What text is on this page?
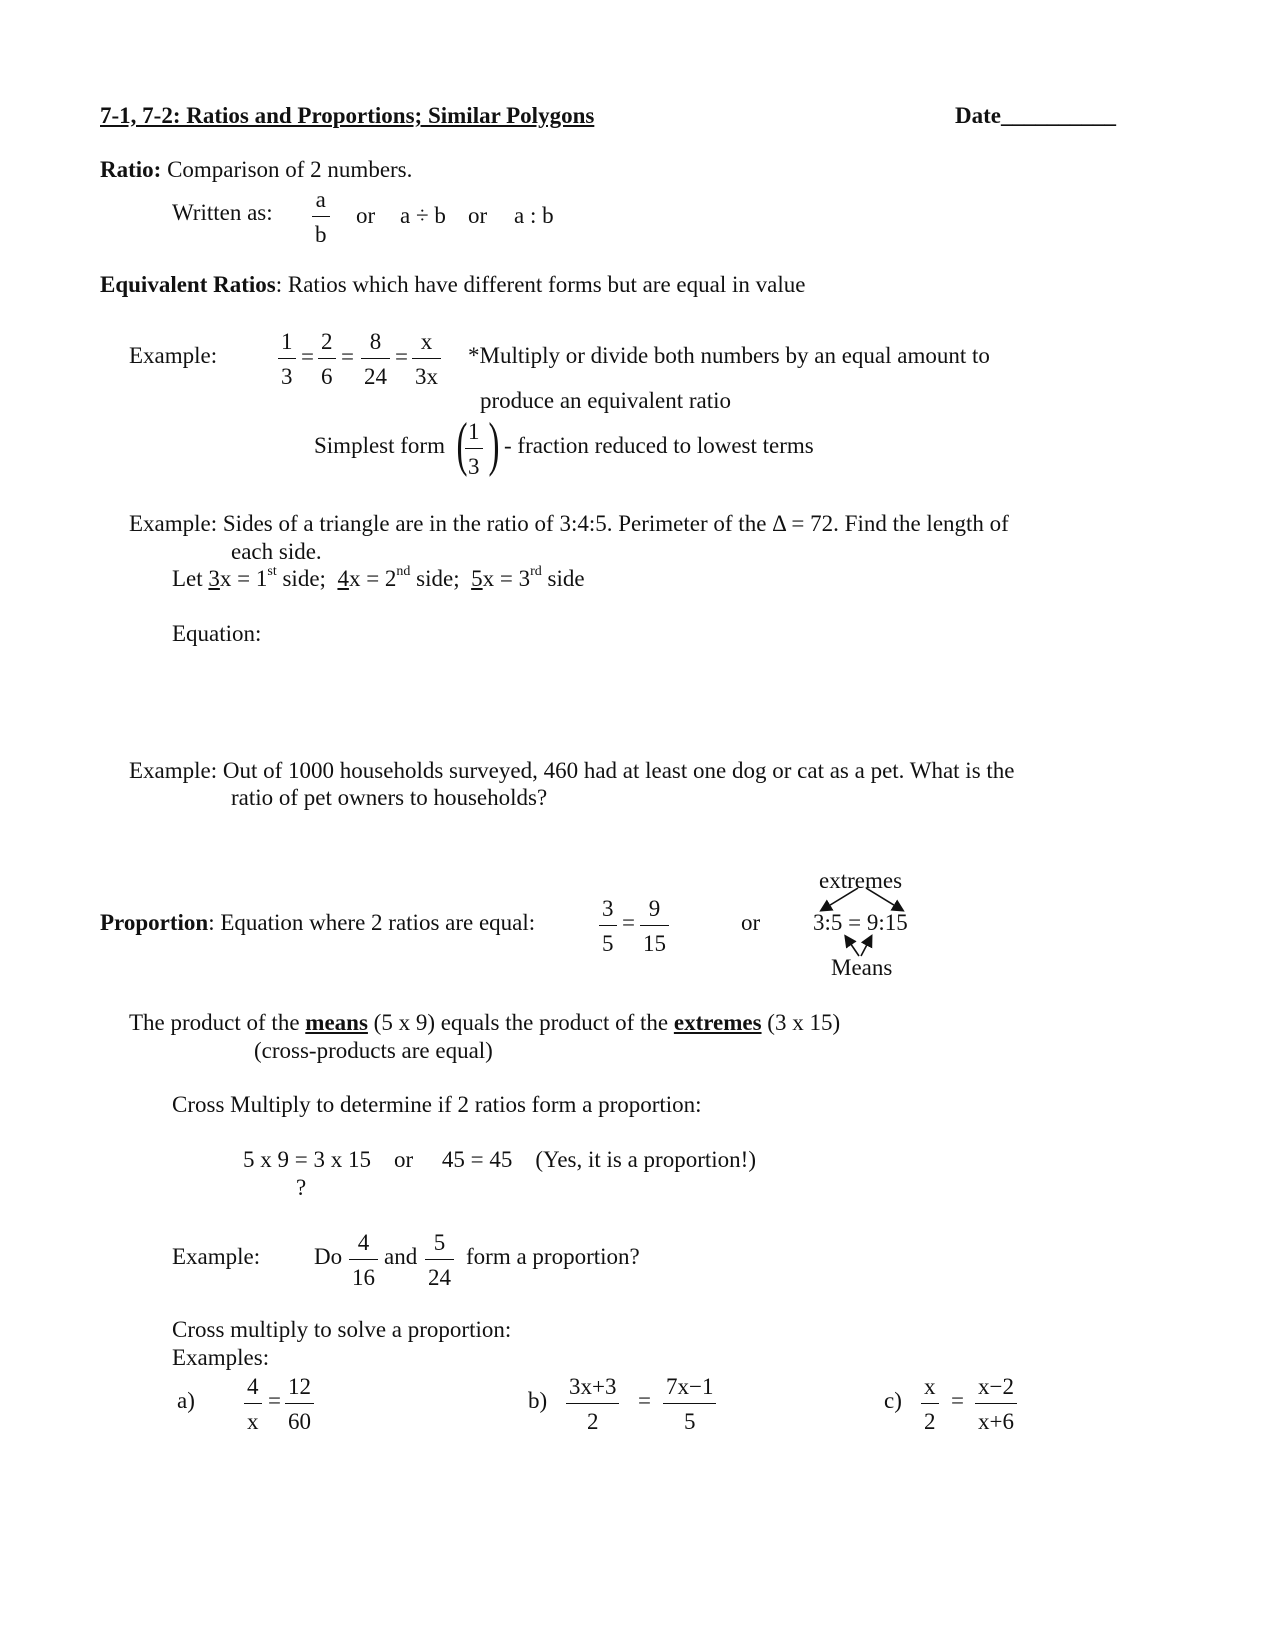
7-1, 7-2: Ratios and Proportions; Similar Polygons	Date__________
Ratio: Comparison of 2 numbers.
Written as:
a
b
or a ÷ b or a : b
Equivalent Ratios: Ratios which have different forms but are equal in value
Example:
1
3
=
2
6
=
8
24
=
x
3x
*Multiply or divide both numbers by an equal amount to
produce an equivalent ratio
Simplest form ( 1
3 ) - fraction reduced to lowest terms
Example: Sides of a triangle are in the ratio of 3:4:5. Perimeter of the Δ = 72. Find the length of
each side.
Let 3x = 1st side;  4x = 2nd side;  5x = 3rd side
Equation:
Example: Out of 1000 households surveyed, 460 had at least one dog or cat as a pet. What is the
ratio of pet owners to households?
Proportion: Equation where 2 ratios are equal:
3
5
=
9
15
or
extremes
3:5 = 9:15
Means
The product of the means (5 x 9) equals the product of the extremes (3 x 15)
(cross-products are equal)
Cross Multiply to determine if 2 ratios form a proportion:
5 x 9 = 3 x 15    or     45 = 45    (Yes, it is a proportion!)
?
Example: Do
4
16
and
5
24
form a proportion?
Cross multiply to solve a proportion:
Examples:
a)
4
x
=
12
60
b)
3x+3
2
=
7x−1
5
c)
x
2
=
x−2
x+6
